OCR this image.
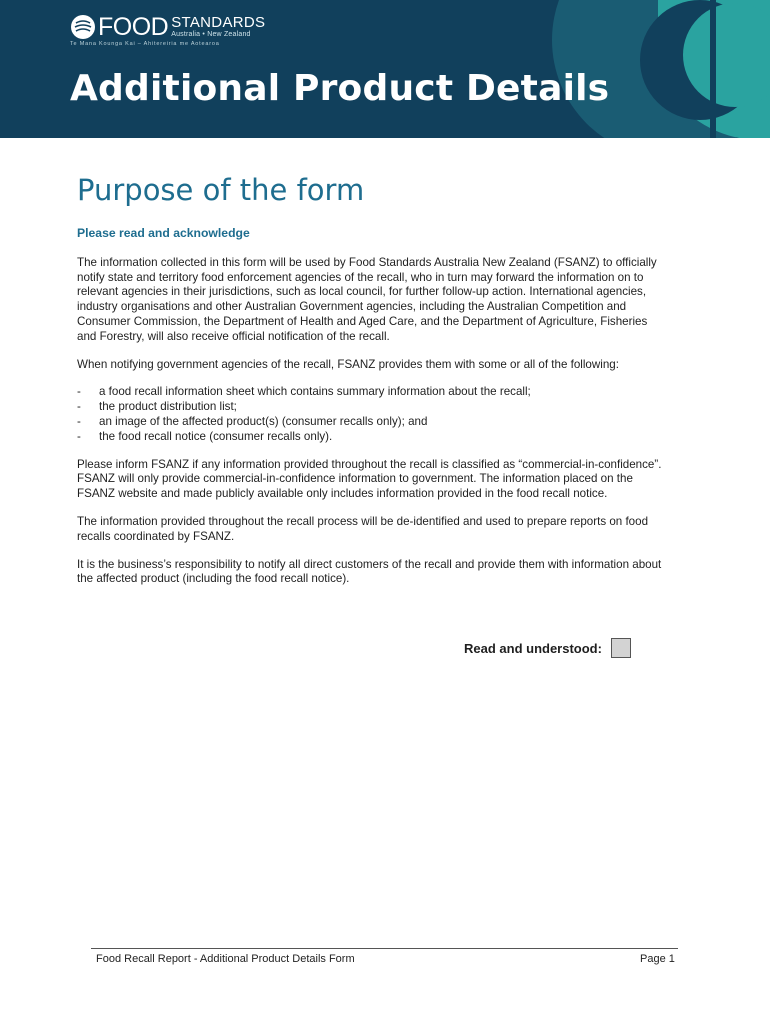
FOOD STANDARDS
Australia • New Zealand
Te Mana Kounga Kai – Ahitereiria me Aotearoa
Additional Product Details
Purpose of the form
Please read and acknowledge

The information collected in this form will be used by Food Standards Australia New Zealand (FSANZ) to officially notify state and territory food enforcement agencies of the recall, who in turn may forward the information on to relevant agencies in their jurisdictions, such as local council, for further follow-up action. International agencies, industry organisations and other Australian Government agencies, including the Australian Competition and Consumer Commission, the Department of Health and Aged Care, and the Department of Agriculture, Fisheries and Forestry, will also receive official notification of the recall.

When notifying government agencies of the recall, FSANZ provides them with some or all of the following:

- a food recall information sheet which contains summary information about the recall;
- the product distribution list;
- an image of the affected product(s) (consumer recalls only); and
- the food recall notice (consumer recalls only).

Please inform FSANZ if any information provided throughout the recall is classified as “commercial-in-confidence”. FSANZ will only provide commercial-in-confidence information to government. The information placed on the FSANZ website and made publicly available only includes information provided in the food recall notice.

The information provided throughout the recall process will be de-identified and used to prepare reports on food recalls coordinated by FSANZ.

It is the business’s responsibility to notify all direct customers of the recall and provide them with information about the affected product (including the food recall notice).

Read and understood:
Food Recall Report - Additional Product Details Form	Page 1
